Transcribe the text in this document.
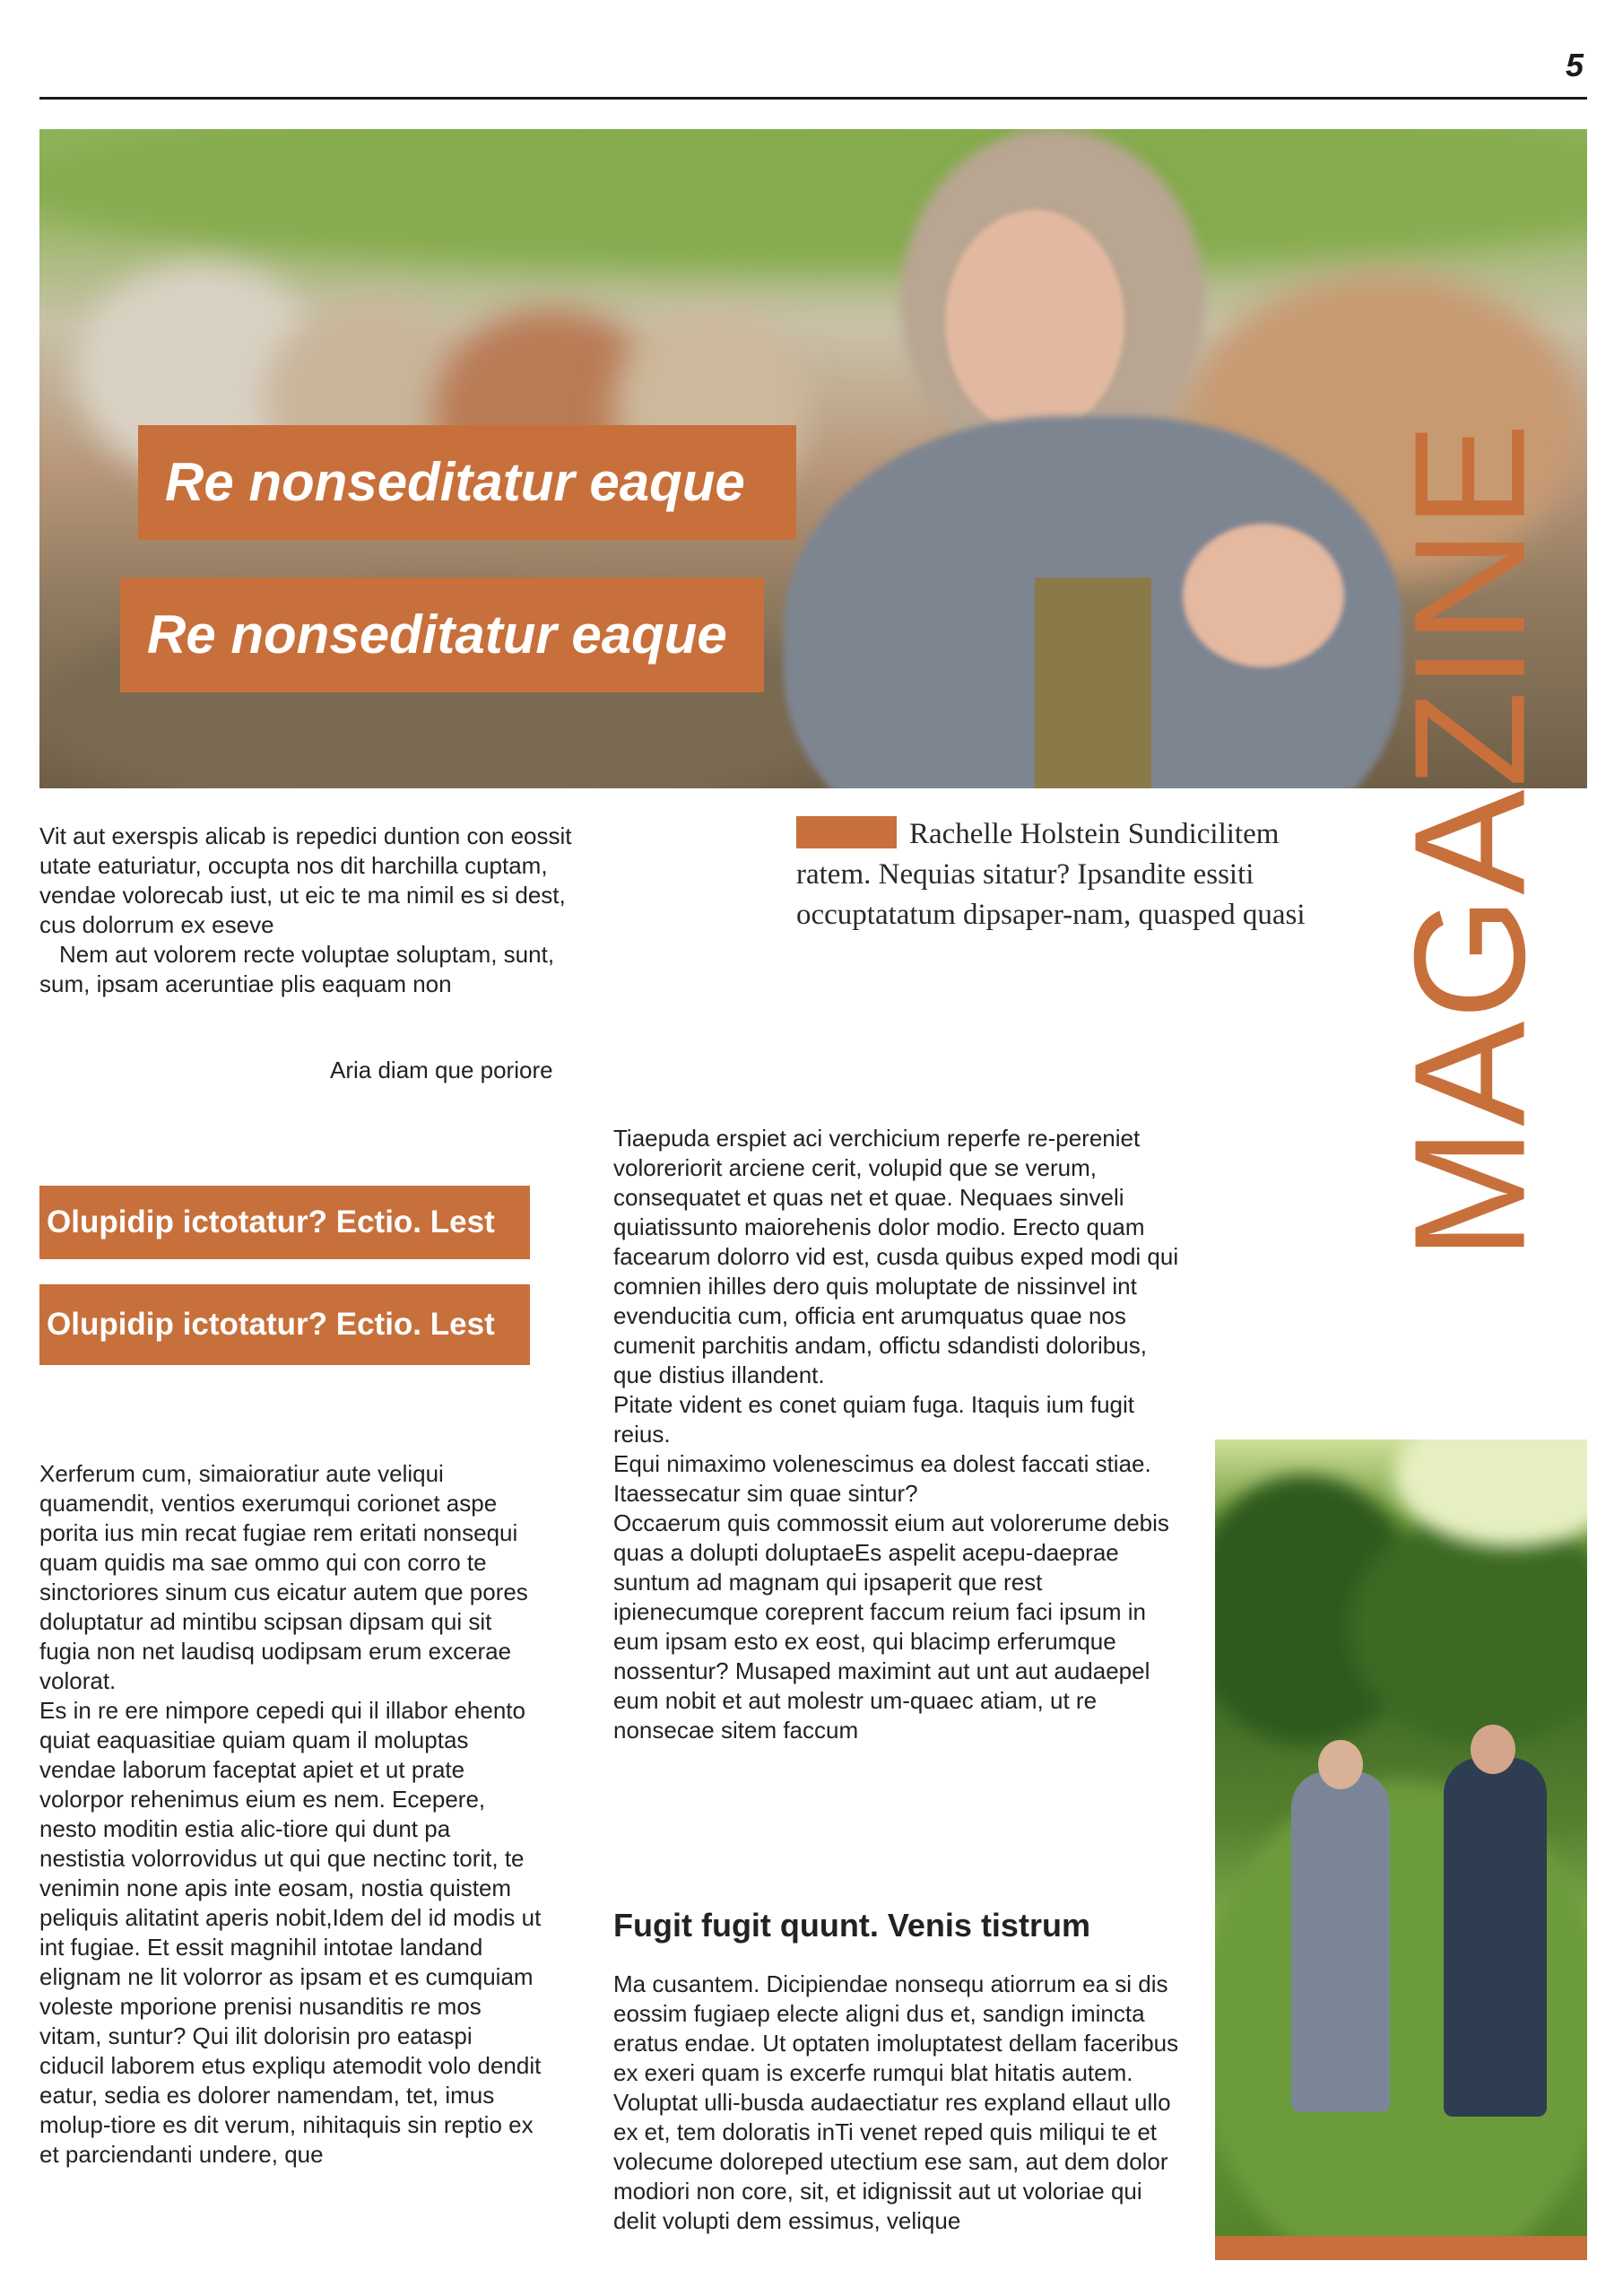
5
Re nonseditatur eaque
Re nonseditatur eaque	MAGAZINE

Vit aut exerspis alicab is repedici duntion con eossit utate eaturiatur, occupta nos dit harchilla cuptam, vendae volorecab iust, ut eic te ma nimil es si dest, cus dolorrum ex eseve

Nem aut volorem recte voluptae soluptam, sunt, sum, ipsam aceruntiae plis eaquam non

Aria diam que poriore
Rachelle Holstein Sundicilitem ratem. Nequias sitatur? Ipsandite essiti occuptatatum dipsaper-nam, quasped quasi
Olupidip ictotatur? Ectio. Lest
Olupidip ictotatur? Ectio. Lest

Xerferum cum, simaioratiur aute veliqui quamendit, ventios exerumqui corionet aspe porita ius min recat fugiae rem eritati nonsequi quam quidis ma sae ommo qui con corro te sinctoriores sinum cus eicatur autem que pores doluptatur ad mintibu scipsan dipsam qui sit fugia non net laudisq uodipsam erum excerae volorat.

Es in re ere nimpore cepedi qui il illabor ehento quiat eaquasitiae quiam quam il moluptas vendae laborum faceptat apiet et ut prate volorpor rehenimus eium es nem. Ecepere, nesto moditin estia alic-tiore qui dunt pa nestistia volorrovidus ut qui que nectinc torit, te venimin none apis inte eosam, nostia quistem peliquis alitatint aperis nobit,Idem del id modis ut int fugiae. Et essit magnihil intotae landand elignam ne lit volorror as ipsam et es cumquiam voleste mporione prenisi nusanditis re mos vitam, suntur? Qui ilit dolorisin pro eataspi ciducil laborem etus expliqu atemodit volo dendit eatur, sedia es dolorer namendam, tet, imus molup-tiore es dit verum, nihitaquis sin reptio ex et parciendanti undere, que

Tiaepuda erspiet aci verchicium reperfe re-pereniet voloreriorit arciene cerit, volupid que se verum, consequatet et quas net et quae. Nequaes sinveli quiatissunto maiorehenis dolor modio. Erecto quam facearum dolorro vid est, cusda quibus exped modi qui comnien ihilles dero quis moluptate de nissinvel int evenducitia cum, officia ent arumquatus quae nos cumenit parchitis andam, offictu sdandisti doloribus, que distius illandent.

Pitate vident es conet quiam fuga. Itaquis ium fugit reius.

Equi nimaximo volenescimus ea dolest faccati stiae. Itaessecatur sim quae sintur?

Occaerum quis commossit eium aut volorerume debis quas a dolupti doluptaeEs aspelit acepu-daeprae suntum ad magnam qui ipsaperit que rest ipienecumque coreprent faccum reium faci ipsum in eum ipsam esto ex eost, qui blacimp erferumque nossentur? Musaped maximint aut unt aut audaepel eum nobit et aut molestr um-quaec atiam, ut re nonsecae sitem faccum

Fugit fugit quunt. Venis tistrum

Ma cusantem. Dicipiendae nonsequ atiorrum ea si dis eossim fugiaep electe aligni dus et, sandign imincta eratus endae. Ut optaten imoluptatest dellam faceribus ex exeri quam is excerfe rumqui blat hitatis autem. Voluptat ulli-busda audaectiatur res expland ellaut ullo ex et, tem doloratis inTi venet reped quis miliqui te et volecume doloreped utectium ese sam, aut dem dolor modiori non core, sit, et idignissit aut ut voloriae qui delit volupti dem essimus, velique
